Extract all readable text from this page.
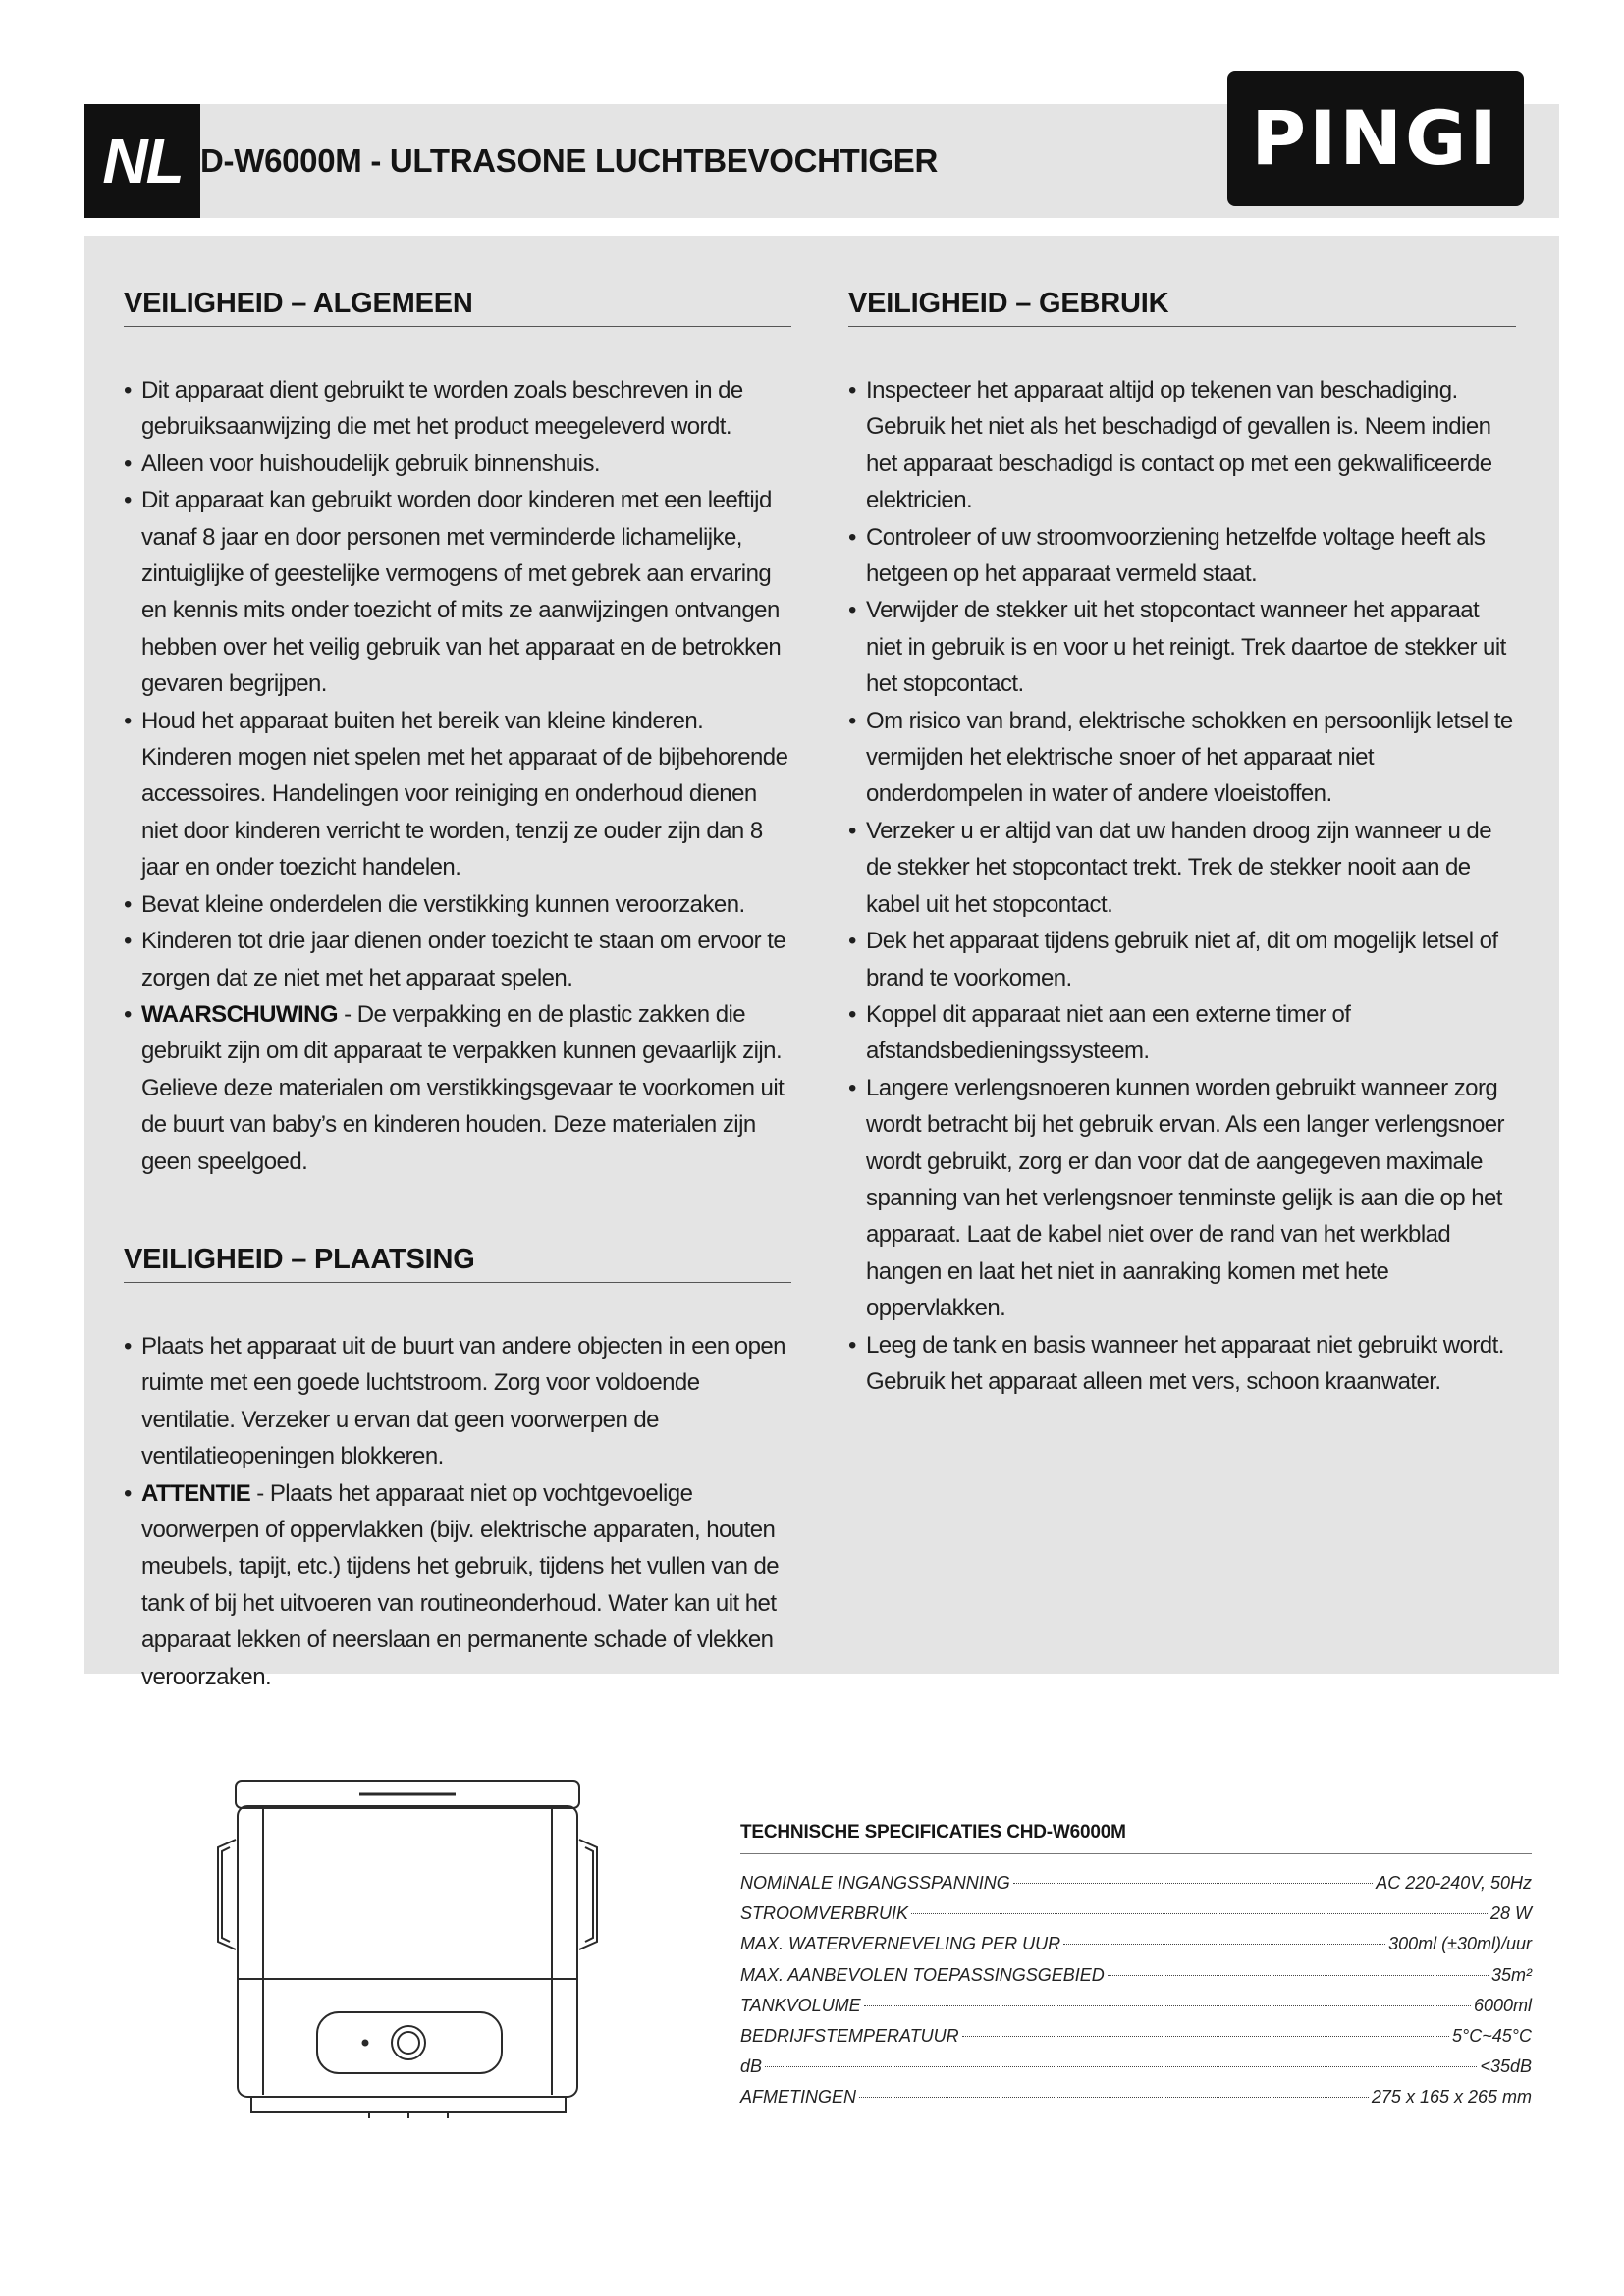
NL D-W6000M - ULTRASONE LUCHTBEVOCHTIGER	PINGI
VEILIGHEID – ALGEMEEN
• Dit apparaat dient gebruikt te worden zoals beschreven in de gebruiksaanwijzing die met het product meegeleverd wordt.
• Alleen voor huishoudelijk gebruik binnenshuis.
• Dit apparaat kan gebruikt worden door kinderen met een leeftijd vanaf 8 jaar en door personen met verminderde lichamelijke, zintuiglijke of geestelijke vermogens of met gebrek aan ervaring en kennis mits onder toezicht of mits ze aanwijzingen ontvangen hebben over het veilig gebruik van het apparaat en de betrokken gevaren begrijpen.
• Houd het apparaat buiten het bereik van kleine kinderen. Kinderen mogen niet spelen met het apparaat of de bijbehorende accessoires. Handelingen voor reiniging en onderhoud dienen niet door kinderen verricht te worden, tenzij ze ouder zijn dan 8 jaar en onder toezicht handelen.
• Bevat kleine onderdelen die verstikking kunnen veroorzaken.
• Kinderen tot drie jaar dienen onder toezicht te staan om ervoor te zorgen dat ze niet met het apparaat spelen.
• WAARSCHUWING - De verpakking en de plastic zakken die gebruikt zijn om dit apparaat te verpakken kunnen gevaarlijk zijn. Gelieve deze materialen om verstikkingsgevaar te voorkomen uit de buurt van baby’s en kinderen houden. Deze materialen zijn geen speelgoed.
VEILIGHEID – PLAATSING
• Plaats het apparaat uit de buurt van andere objecten in een open ruimte met een goede luchtstroom. Zorg voor voldoende ventilatie. Verzeker u ervan dat geen voorwerpen de ventilatieopeningen blokkeren.
• ATTENTIE - Plaats het apparaat niet op vochtgevoelige voorwerpen of oppervlakken (bijv. elektrische apparaten, houten meubels, tapijt, etc.) tijdens het gebruik, tijdens het vullen van de tank of bij het uitvoeren van routineonderhoud. Water kan uit het apparaat lekken of neerslaan en permanente schade of vlekken veroorzaken.
VEILIGHEID – GEBRUIK
• Inspecteer het apparaat altijd op tekenen van beschadiging. Gebruik het niet als het beschadigd of gevallen is. Neem indien het apparaat beschadigd is contact op met een gekwalificeerde elektricien.
• Controleer of uw stroomvoorziening hetzelfde voltage heeft als hetgeen op het apparaat vermeld staat.
• Verwijder de stekker uit het stopcontact wanneer het apparaat niet in gebruik is en voor u het reinigt. Trek daartoe de stekker uit het stopcontact.
• Om risico van brand, elektrische schokken en persoonlijk letsel te vermijden het elektrische snoer of het apparaat niet onderdompelen in water of andere vloeistoffen.
• Verzeker u er altijd van dat uw handen droog zijn wanneer u de de stekker het stopcontact trekt. Trek de stekker nooit aan de kabel uit het stopcontact.
• Dek het apparaat tijdens gebruik niet af, dit om mogelijk letsel of brand te voorkomen.
• Koppel dit apparaat niet aan een externe timer of afstandsbedieningssysteem.
• Langere verlengsnoeren kunnen worden gebruikt wanneer zorg wordt betracht bij het gebruik ervan. Als een langer verlengsnoer wordt gebruikt, zorg er dan voor dat de aangegeven maximale spanning van het verlengsnoer tenminste gelijk is aan die op het apparaat. Laat de kabel niet over de rand van het werkblad hangen en laat het niet in aanraking komen met hete oppervlakken.
• Leeg de tank en basis wanneer het apparaat niet gebruikt wordt. Gebruik het apparaat alleen met vers, schoon kraanwater.
TECHNISCHE SPECIFICATIES CHD-W6000M
NOMINALE INGANGSSPANNING	AC 220-240V, 50Hz
STROOMVERBRUIK	28 W
MAX. WATERVERNEVELING PER UUR	300ml (±30ml)/uur
MAX. AANBEVOLEN TOEPASSINGSGEBIED	35m²
TANKVOLUME	6000ml
BEDRIJFSTEMPERATUUR	5°C~45°C
dB	<35dB
AFMETINGEN	275 x 165 x 265 mm
